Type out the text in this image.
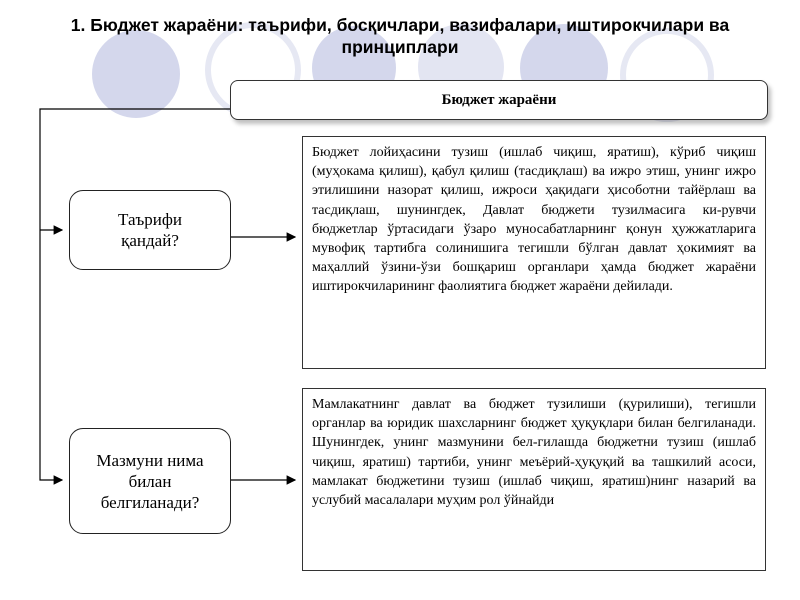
1. Бюджет жараёни: таърифи, босқичлари, вазифалари, иштирокчилари ва принциплари
Бюджет жараёни
Таърифи қандай?
Мазмуни нима билан белгиланади?
Бюджет лойиҳасини тузиш (ишлаб чиқиш, яратиш), кўриб чиқиш (муҳокама қилиш), қабул қилиш (тасдиқлаш) ва ижро этиш, унинг ижро этилишини назорат қилиш, ижроси ҳақидаги ҳисоботни тайёрлаш ва тасдиқлаш, шунингдек, Давлат бюджети тузилмасига ки-рувчи бюджетлар ўртасидаги ўзаро муносабатларнинг қонун ҳужжатларига мувофиқ тартибга солинишига тегишли бўлган давлат ҳокимият ва маҳаллий ўзини-ўзи бошқариш органлари ҳамда бюджет жараёни иштирокчиларининг фаолиятига бюджет жараёни дейилади.
Мамлакатнинг давлат ва бюджет тузилиши (қурилиши), тегишли органлар ва юридик шахсларнинг бюджет ҳуқуқлари билан белгиланади. Шунингдек, унинг мазмунини бел-гилашда бюджетни тузиш (ишлаб чиқиш, яратиш) тартиби, унинг меъёрий-ҳуқуқий ва ташкилий асоси, мамлакат бюджетини тузиш (ишлаб чиқиш, яратиш)нинг назарий ва услубий масалалари муҳим рол ўйнайди
